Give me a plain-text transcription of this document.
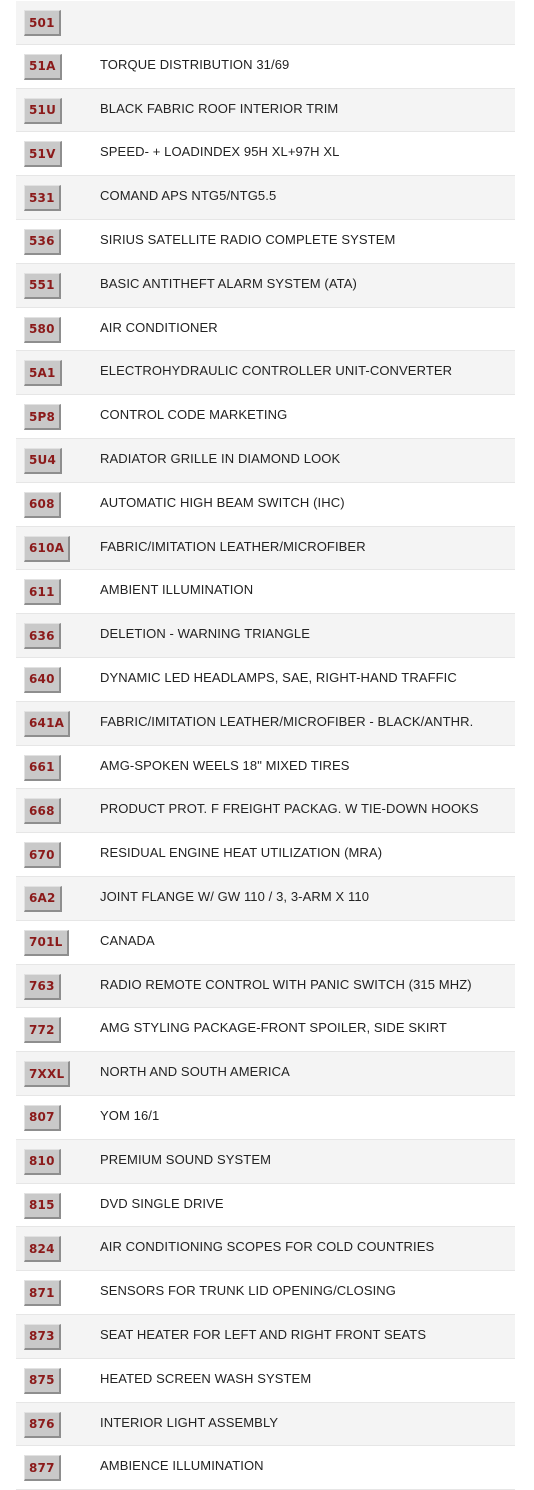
501
51A	TORQUE DISTRIBUTION 31/69
51U	BLACK FABRIC ROOF INTERIOR TRIM
51V	SPEED- + LOADINDEX 95H XL+97H XL
531	COMAND APS NTG5/NTG5.5
536	SIRIUS SATELLITE RADIO COMPLETE SYSTEM
551	BASIC ANTITHEFT ALARM SYSTEM (ATA)
580	AIR CONDITIONER
5A1	ELECTROHYDRAULIC CONTROLLER UNIT-CONVERTER
5P8	CONTROL CODE MARKETING
5U4	RADIATOR GRILLE IN DIAMOND LOOK
608	AUTOMATIC HIGH BEAM SWITCH (IHC)
610A	FABRIC/IMITATION LEATHER/MICROFIBER
611	AMBIENT ILLUMINATION
636	DELETION - WARNING TRIANGLE
640	DYNAMIC LED HEADLAMPS, SAE, RIGHT-HAND TRAFFIC
641A	FABRIC/IMITATION LEATHER/MICROFIBER - BLACK/ANTHR.
661	AMG-SPOKEN WEELS 18" MIXED TIRES
668	PRODUCT PROT. F FREIGHT PACKAG. W TIE-DOWN HOOKS
670	RESIDUAL ENGINE HEAT UTILIZATION (MRA)
6A2	JOINT FLANGE W/ GW 110 / 3, 3-ARM X 110
701L	CANADA
763	RADIO REMOTE CONTROL WITH PANIC SWITCH (315 MHZ)
772	AMG STYLING PACKAGE-FRONT SPOILER, SIDE SKIRT
7XXL	NORTH AND SOUTH AMERICA
807	YOM 16/1
810	PREMIUM SOUND SYSTEM
815	DVD SINGLE DRIVE
824	AIR CONDITIONING SCOPES FOR COLD COUNTRIES
871	SENSORS FOR TRUNK LID OPENING/CLOSING
873	SEAT HEATER FOR LEFT AND RIGHT FRONT SEATS
875	HEATED SCREEN WASH SYSTEM
876	INTERIOR LIGHT ASSEMBLY
877	AMBIENCE ILLUMINATION
